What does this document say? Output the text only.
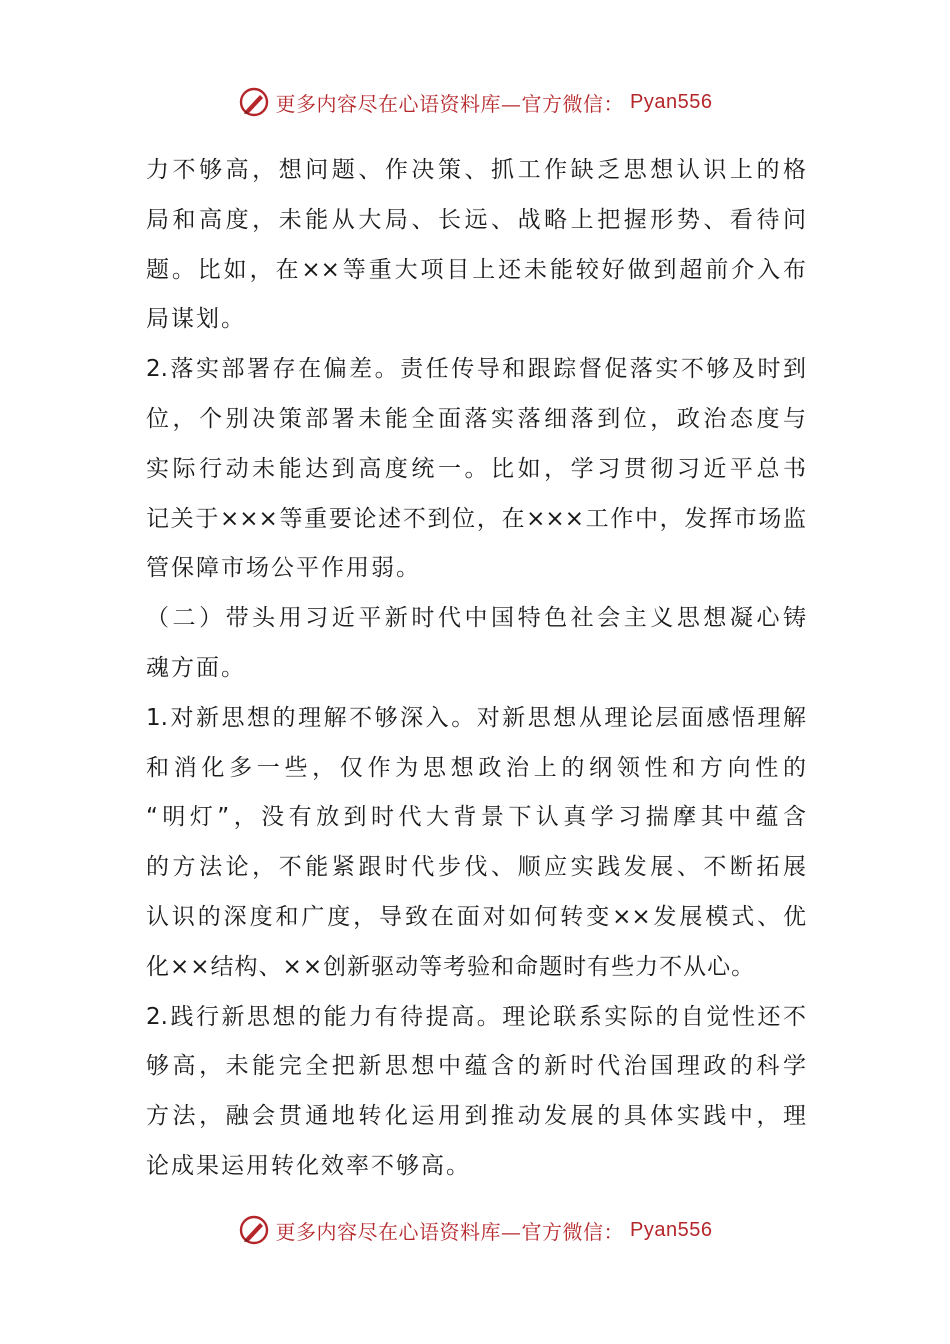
更多内容尽在心语资料库—官方微信： Pyan556
力不够高，想问题、作决策、抓工作缺乏思想认识上的格
局和高度，未能从大局、长远、战略上把握形势、看待问
题。比如，在××等重大项目上还未能较好做到超前介入布
局谋划。
2.落实部署存在偏差。责任传导和跟踪督促落实不够及时到
位，个别决策部署未能全面落实落细落到位，政治态度与
实际行动未能达到高度统一。比如，学习贯彻习近平总书
记关于×××等重要论述不到位，在×××工作中，发挥市场监
管保障市场公平作用弱。
（二）带头用习近平新时代中国特色社会主义思想凝心铸
魂方面。
1.对新思想的理解不够深入。对新思想从理论层面感悟理解
和消化多一些，仅作为思想政治上的纲领性和方向性的
“明灯”，没有放到时代大背景下认真学习揣摩其中蕴含
的方法论，不能紧跟时代步伐、顺应实践发展、不断拓展
认识的深度和广度，导致在面对如何转变××发展模式、优
化××结构、××创新驱动等考验和命题时有些力不从心。
2.践行新思想的能力有待提高。理论联系实际的自觉性还不
够高，未能完全把新思想中蕴含的新时代治国理政的科学
方法，融会贯通地转化运用到推动发展的具体实践中，理
论成果运用转化效率不够高。
更多内容尽在心语资料库—官方微信： Pyan556
